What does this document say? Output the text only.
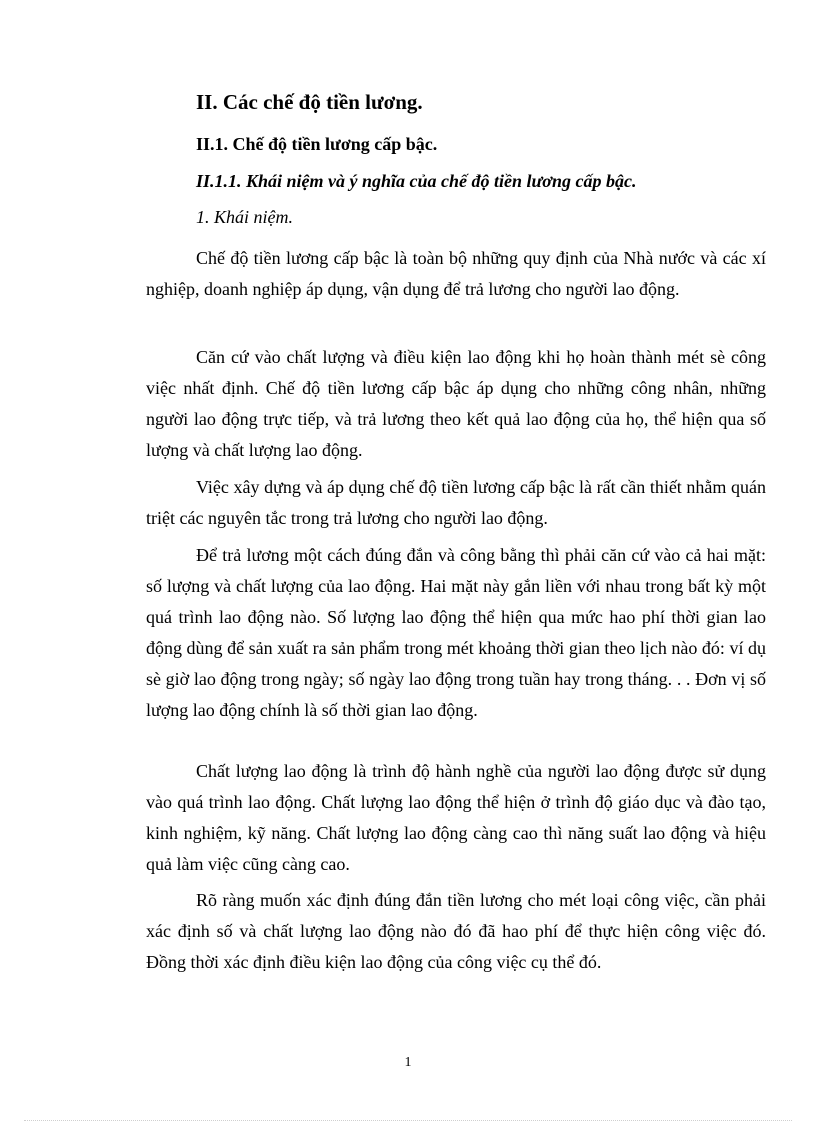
II. Các chế độ tiền lương.
II.1. Chế độ tiền lương cấp bậc.
II.1.1. Khái niệm và ý nghĩa của chế độ tiền lương cấp bậc.

1. Khái niệm.

Chế độ tiền lương cấp bậc là toàn bộ những quy định của Nhà nước và các xí nghiệp, doanh nghiệp áp dụng, vận dụng để trả lương cho người lao động.

Căn cứ vào chất lượng và điều kiện lao động khi họ hoàn thành mét sè công việc nhất định. Chế độ tiền lương cấp bậc áp dụng cho những công nhân, những người lao động trực tiếp, và trả lương theo kết quả lao động của họ, thể hiện qua số lượng và chất lượng lao động.

Việc xây dựng và áp dụng chế độ tiền lương cấp bậc là rất cần thiết nhằm quán triệt các nguyên tắc trong trả lương cho người lao động.

Để trả lương một cách đúng đắn và công bằng thì phải căn cứ vào cả hai mặt: số lượng và chất lượng của lao động. Hai mặt này gắn liền với nhau trong bất kỳ một quá trình lao động nào. Số lượng lao động thể hiện qua mức hao phí thời gian lao động dùng để sản xuất ra sản phẩm trong mét khoảng thời gian theo lịch nào đó: ví dụ sè giờ lao động trong ngày; số ngày lao động trong tuần hay trong tháng. . . Đơn vị số lượng lao động chính là số thời gian lao động.

Chất lượng lao động là trình độ hành nghề của người lao động được sử dụng vào quá trình lao động. Chất lượng lao động thể hiện ở trình độ giáo dục và đào tạo, kinh nghiệm, kỹ năng. Chất lượng lao động càng cao thì năng suất lao động và hiệu quả làm việc cũng càng cao.

Rõ ràng muốn xác định đúng đắn tiền lương cho mét loại công việc, cần phải xác định số và chất lượng lao động nào đó đã hao phí để thực hiện công việc đó. Đồng thời xác định điều kiện lao động của công việc cụ thể đó.

1
